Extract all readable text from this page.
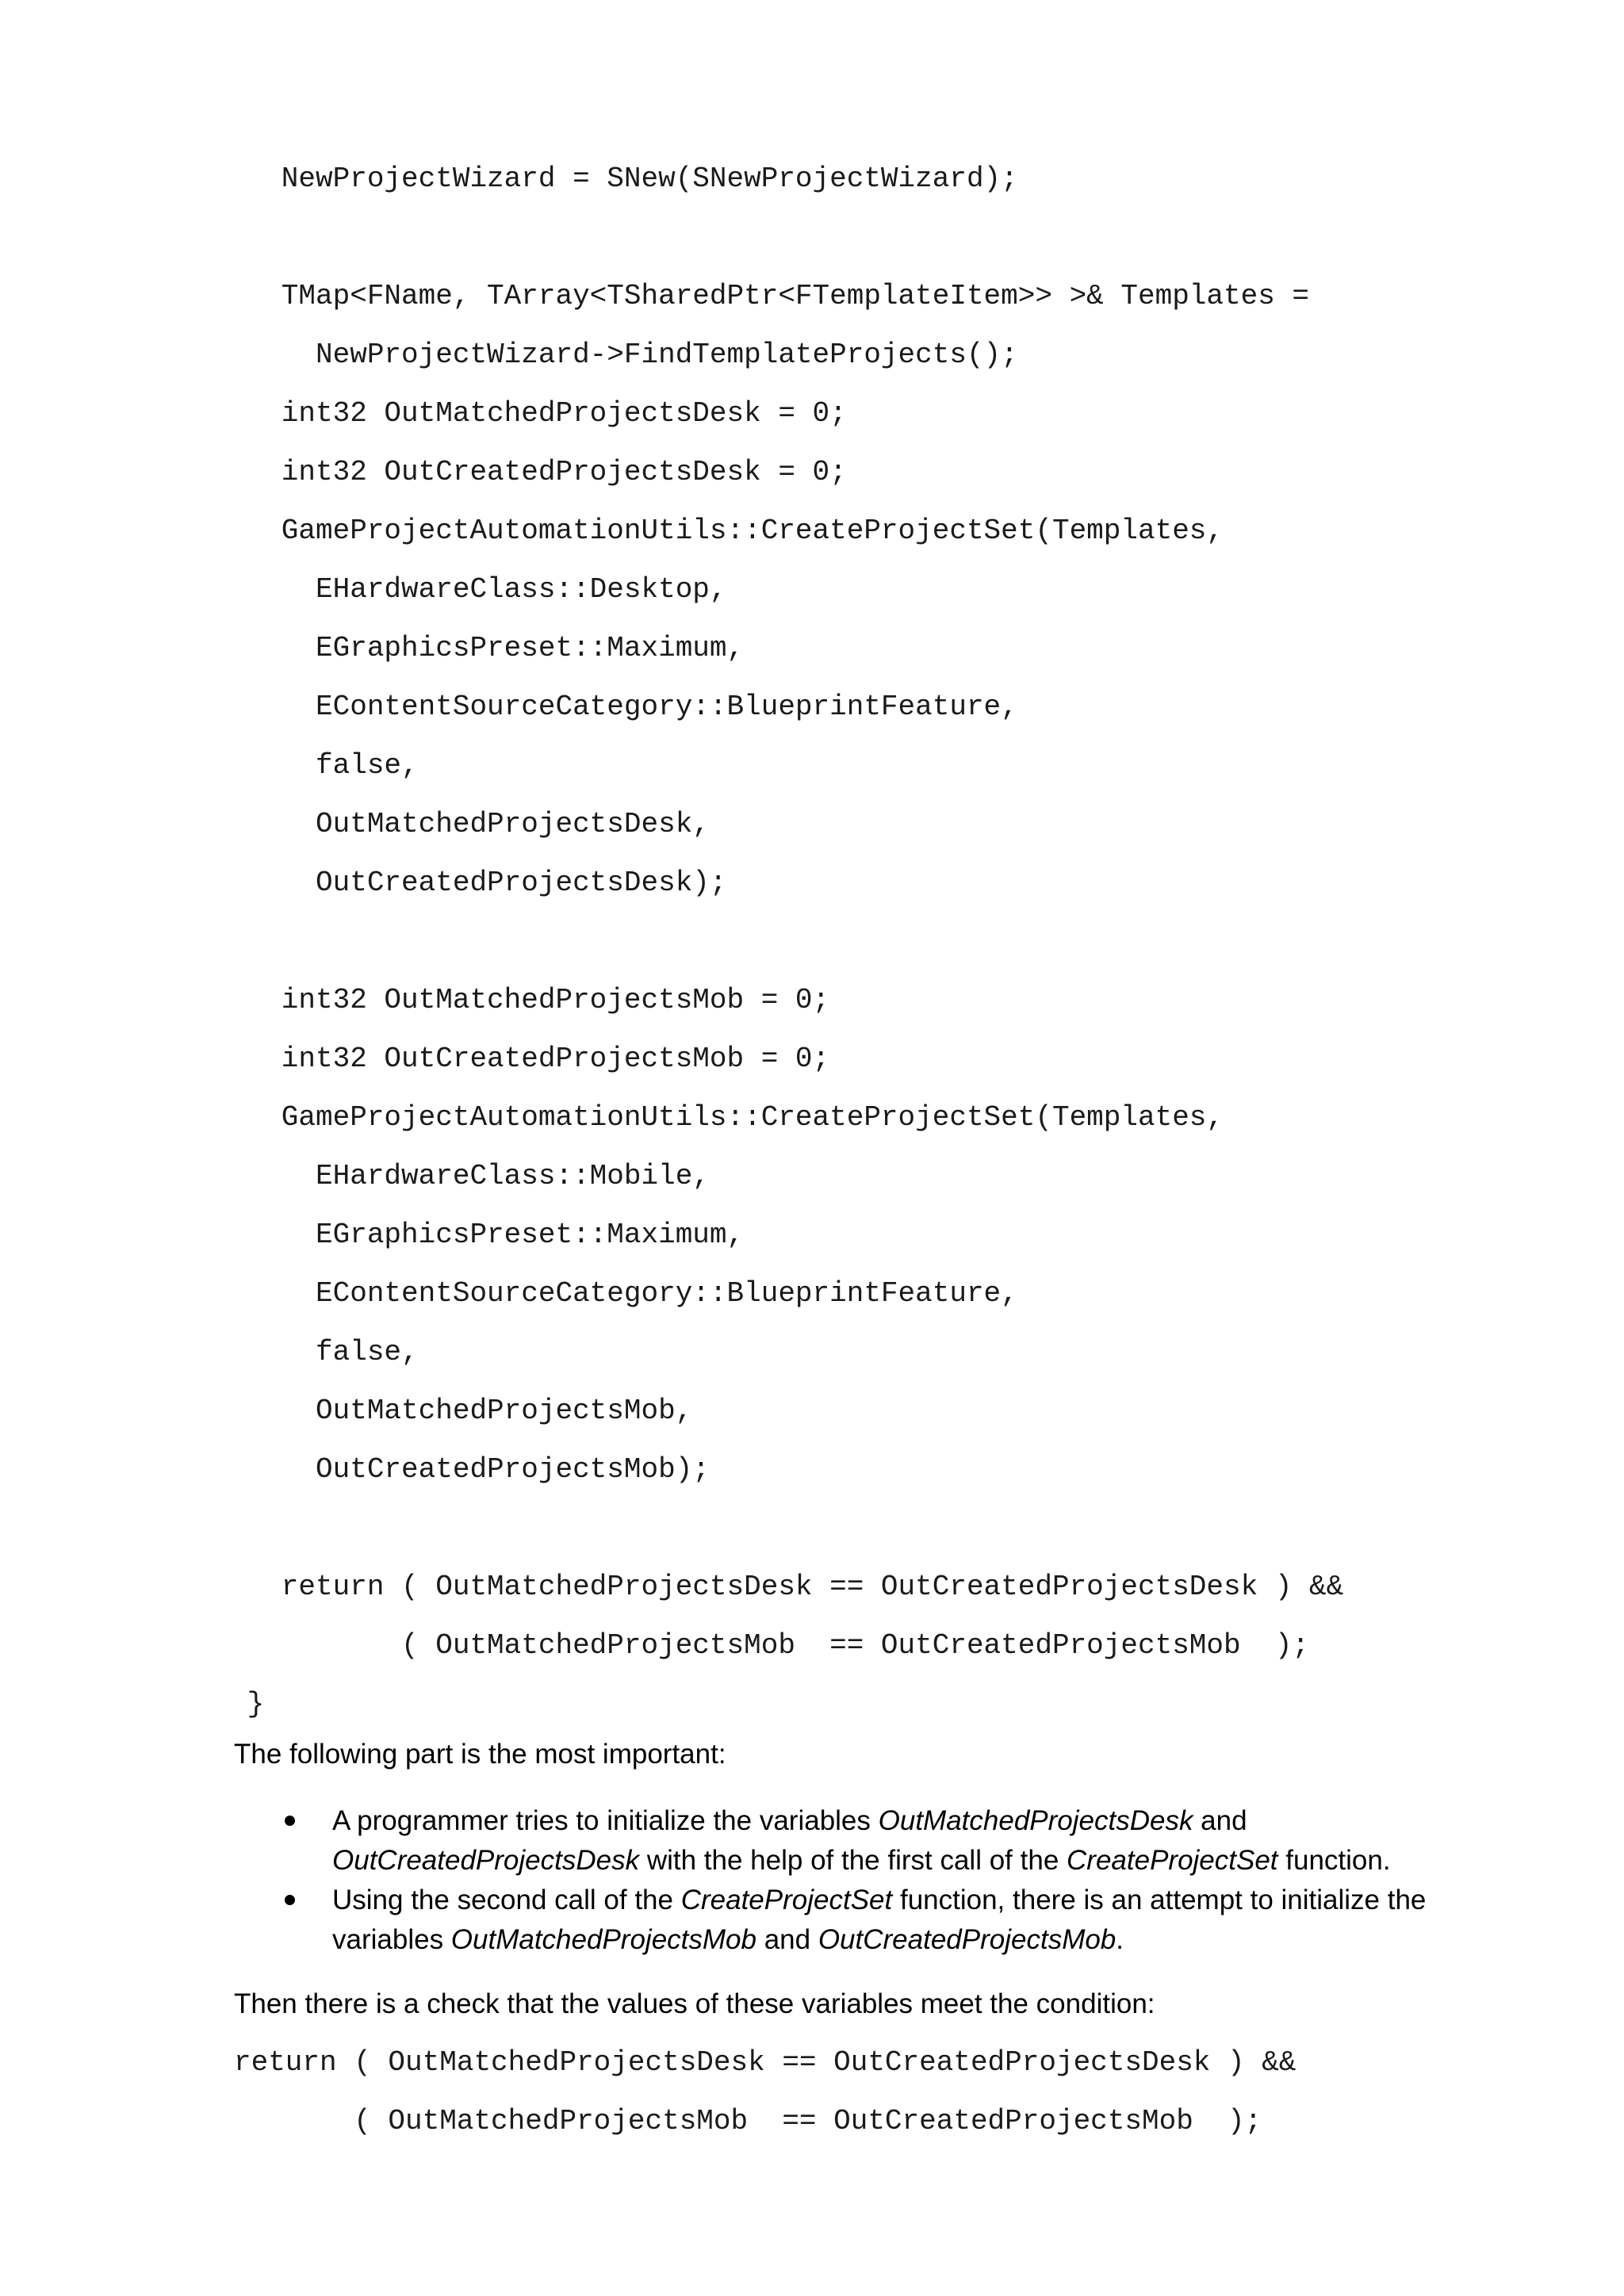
NewProjectWizard = SNew(SNewProjectWizard);
TMap<FName, TArray<TSharedPtr<FTemplateItem>> >& Templates =
NewProjectWizard->FindTemplateProjects();
int32 OutMatchedProjectsDesk = 0;
int32 OutCreatedProjectsDesk = 0;
GameProjectAutomationUtils::CreateProjectSet(Templates,
EHardwareClass::Desktop,
EGraphicsPreset::Maximum,
EContentSourceCategory::BlueprintFeature,
false,
OutMatchedProjectsDesk,
OutCreatedProjectsDesk);
int32 OutMatchedProjectsMob = 0;
int32 OutCreatedProjectsMob = 0;
GameProjectAutomationUtils::CreateProjectSet(Templates,
EHardwareClass::Mobile,
EGraphicsPreset::Maximum,
EContentSourceCategory::BlueprintFeature,
false,
OutMatchedProjectsMob,
OutCreatedProjectsMob);
return ( OutMatchedProjectsDesk == OutCreatedProjectsDesk ) &&
( OutMatchedProjectsMob  == OutCreatedProjectsMob  );
}

The following part is the most important:

A programmer tries to initialize the variables OutMatchedProjectsDesk and OutCreatedProjectsDesk with the help of the first call of the CreateProjectSet function.
Using the second call of the CreateProjectSet function, there is an attempt to initialize the variables OutMatchedProjectsMob and OutCreatedProjectsMob.

Then there is a check that the values of these variables meet the condition:

return ( OutMatchedProjectsDesk == OutCreatedProjectsDesk ) &&
( OutMatchedProjectsMob  == OutCreatedProjectsMob  );
